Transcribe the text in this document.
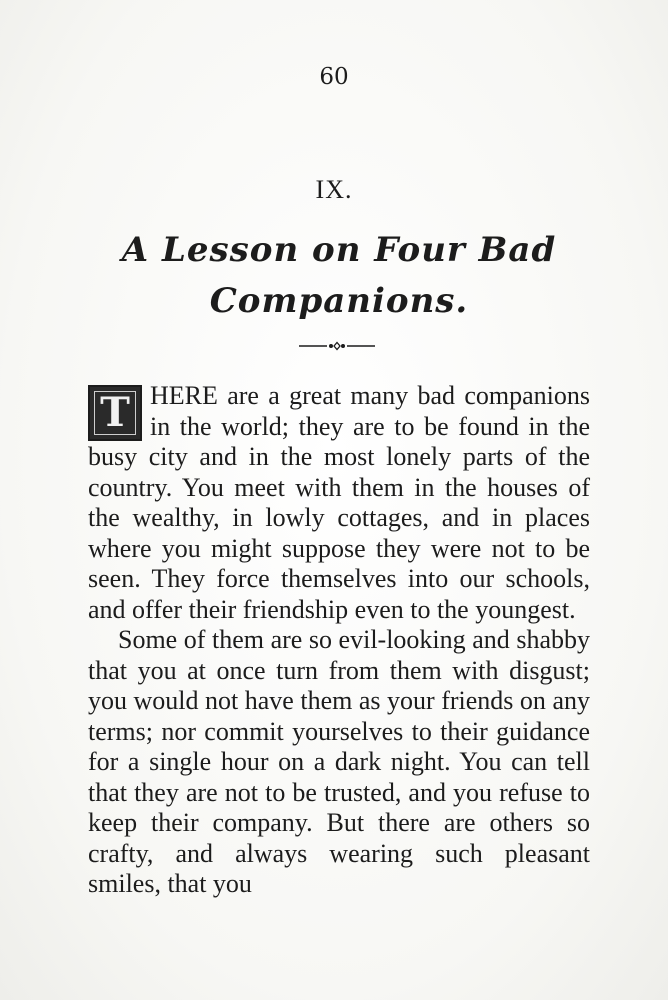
60
IX.
A Lesson on Four Bad
Companions.

T HERE are a great many bad companions in the world; they are to be found in the busy city and in the most lonely parts of the country. You meet with them in the houses of the wealthy, in lowly cottages, and in places where you might suppose they were not to be seen. They force themselves into our schools, and offer their friendship even to the youngest.

Some of them are so evil-looking and shabby that you at once turn from them with disgust; you would not have them as your friends on any terms; nor commit yourselves to their guidance for a single hour on a dark night. You can tell that they are not to be trusted, and you refuse to keep their company. But there are others so crafty, and always wearing such pleasant smiles, that you
